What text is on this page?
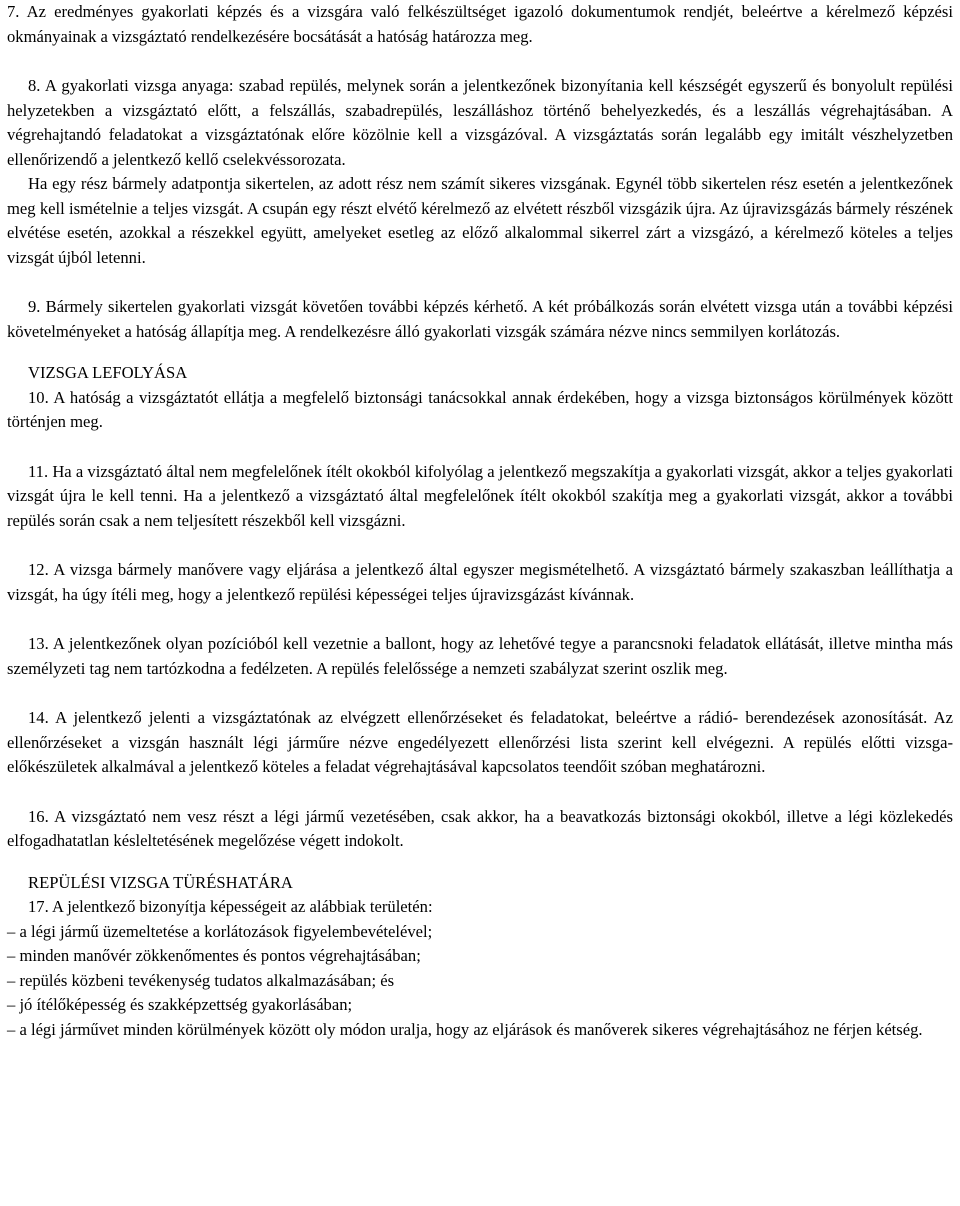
7. Az eredményes gyakorlati képzés és a vizsgára való felkészültséget igazoló dokumentumok rendjét, beleértve a kérelmező képzési okmányainak a vizsgáztató rendelkezésére bocsátását a hatóság határozza meg.

8. A gyakorlati vizsga anyaga: szabad repülés, melynek során a jelentkezőnek bizonyítania kell készségét egyszerű és bonyolult repülési helyzetekben a vizsgáztató előtt, a felszállás, szabadrepülés, leszálláshoz történő behelyezkedés, és a leszállás végrehajtásában. A végrehajtandó feladatokat a vizsgáztatónak előre közölnie kell a vizsgázóval. A vizsgáztatás során legalább egy imitált vészhelyzetben ellenőrizendő a jelentkező kellő cselekvéssorozata.

Ha egy rész bármely adatpontja sikertelen, az adott rész nem számít sikeres vizsgának. Egynél több sikertelen rész esetén a jelentkezőnek meg kell ismételnie a teljes vizsgát. A csupán egy részt elvétő kérelmező az elvétett részből vizsgázik újra. Az újravizsgázás bármely részének elvétése esetén, azokkal a részekkel együtt, amelyeket esetleg az előző alkalommal sikerrel zárt a vizsgázó, a kérelmező köteles a teljes vizsgát újból letenni.

9. Bármely sikertelen gyakorlati vizsgát követően további képzés kérhető. A két próbálkozás során elvétett vizsga után a további képzési követelményeket a hatóság állapítja meg. A rendelkezésre álló gyakorlati vizsgák számára nézve nincs semmilyen korlátozás.

VIZSGA LEFOLYÁSA

10. A hatóság a vizsgáztatót ellátja a megfelelő biztonsági tanácsokkal annak érdekében, hogy a vizsga biztonságos körülmények között történjen meg.

11. Ha a vizsgáztató által nem megfelelőnek ítélt okokból kifolyólag a jelentkező megszakítja a gyakorlati vizsgát, akkor a teljes gyakorlati vizsgát újra le kell tenni. Ha a jelentkező a vizsgáztató által megfelelőnek ítélt okokból szakítja meg a gyakorlati vizsgát, akkor a további repülés során csak a nem teljesített részekből kell vizsgázni.

12. A vizsga bármely manővere vagy eljárása a jelentkező által egyszer megismételhető. A vizsgáztató bármely szakaszban leállíthatja a vizsgát, ha úgy ítéli meg, hogy a jelentkező repülési képességei teljes újravizsgázást kívánnak.

13. A jelentkezőnek olyan pozícióból kell vezetnie a ballont, hogy az lehetővé tegye a parancsnoki feladatok ellátását, illetve mintha más személyzeti tag nem tartózkodna a fedélzeten. A repülés felelőssége a nemzeti szabályzat szerint oszlik meg.

14. A jelentkező jelenti a vizsgáztatónak az elvégzett ellenőrzéseket és feladatokat, beleértve a rádió- berendezések azonosítását. Az ellenőrzéseket a vizsgán használt légi járműre nézve engedélyezett ellenőrzési lista szerint kell elvégezni. A repülés előtti vizsga-előkészületek alkalmával a jelentkező köteles a feladat végrehajtásával kapcsolatos teendőit szóban meghatározni.

16. A vizsgáztató nem vesz részt a légi jármű vezetésében, csak akkor, ha a beavatkozás biztonsági okokból, illetve a légi közlekedés elfogadhatatlan késleltetésének megelőzése végett indokolt.

REPÜLÉSI VIZSGA TÜRÉSHATÁRA

17. A jelentkező bizonyítja képességeit az alábbiak területén:

– a légi jármű üzemeltetése a korlátozások figyelembevételével;

– minden manővér zökkenőmentes és pontos végrehajtásában;

– repülés közbeni tevékenység tudatos alkalmazásában; és

– jó ítélőképesség és szakképzettség gyakorlásában;

– a légi járművet minden körülmények között oly módon uralja, hogy az eljárások és manőverek sikeres végrehajtásához ne férjen kétség.
